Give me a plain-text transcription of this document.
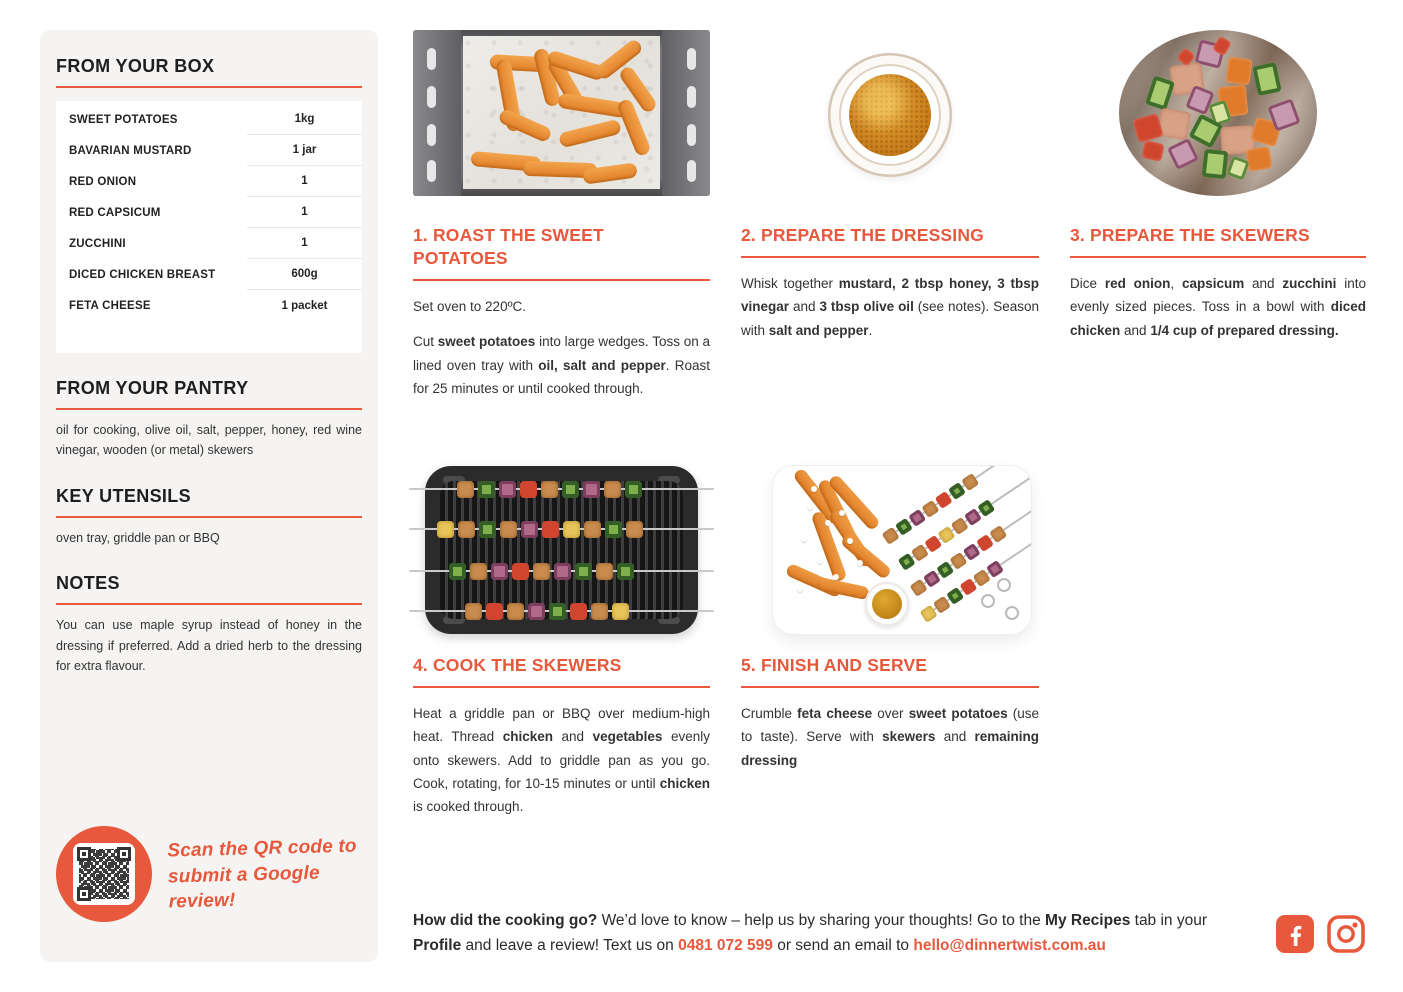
FROM YOUR BOX
SWEET POTATOES	1kg
BAVARIAN MUSTARD	1 jar
RED ONION	1
RED CAPSICUM	1
ZUCCHINI	1
DICED CHICKEN BREAST	600g
FETA CHEESE	1 packet
FROM YOUR PANTRY

oil for cooking, olive oil, salt, pepper, honey, red wine vinegar, wooden (or metal) skewers

KEY UTENSILS

oven tray, griddle pan or BBQ

NOTES

You can use maple syrup instead of honey in the dressing if preferred. Add a dried herb to the dressing for extra flavour.

Scan the QR code to
submit a Google review!
1. ROAST THE SWEET POTATOES

Set oven to 220ºC.

Cut sweet potatoes into large wedges. Toss on a lined oven tray with oil, salt and pepper. Roast for 25 minutes or until cooked through.

2. PREPARE THE DRESSING

Whisk together mustard, 2 tbsp honey, 3 tbsp vinegar and 3 tbsp olive oil (see notes). Season with salt and pepper.

3. PREPARE THE SKEWERS

Dice red onion, capsicum and zucchini into evenly sized pieces. Toss in a bowl with diced chicken and 1/4 cup of prepared dressing.

4. COOK THE SKEWERS

Heat a griddle pan or BBQ over medium-high heat. Thread chicken and vegetables evenly onto skewers. Add to griddle pan as you go. Cook, rotating, for 10-15 minutes or until chicken is cooked through.

5. FINISH AND SERVE

Crumble feta cheese over sweet potatoes (use to taste). Serve with skewers and remaining dressing

How did the cooking go? We’d love to know – help us by sharing your thoughts! Go to the My Recipes tab in your Profile and leave a review! Text us on 0481 072 599 or send an email to hello@dinnertwist.com.au
